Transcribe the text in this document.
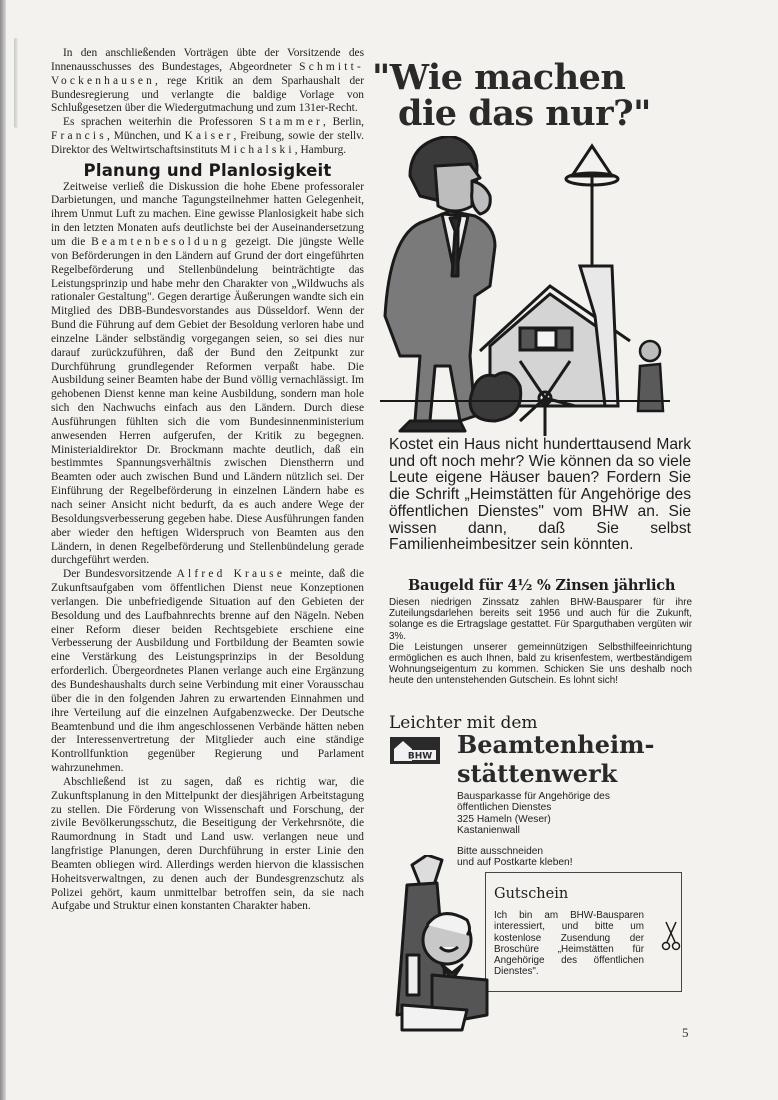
In den anschließenden Vorträgen übte der Vorsitzende des Innenausschusses des Bundestages, Abgeordneter Schmitt-Vockenhausen, rege Kritik an dem Sparhaushalt der Bundesregierung und verlangte die baldige Vorlage von Schlußgesetzen über die Wiedergutmachung und zum 131er-Recht.

Es sprachen weiterhin die Professoren Stammer, Berlin, Francis, München, und Kaiser, Freibung, sowie der stellv. Direktor des Weltwirtschaftsinstituts Michalski, Hamburg.

Planung und Planlosigkeit

Zeitweise verließ die Diskussion die hohe Ebene professoraler Darbietungen, und manche Tagungsteilnehmer hatten Gelegenheit, ihrem Unmut Luft zu machen. Eine gewisse Planlosigkeit habe sich in den letzten Monaten aufs deutlichste bei der Auseinandersetzung um die Beamtenbesoldung gezeigt. Die jüngste Welle von Beförderungen in den Ländern auf Grund der dort eingeführten Regelbeförderung und Stellenbündelung beinträchtigte das Leistungsprinzip und habe mehr den Charakter von „Wildwuchs als rationaler Gestaltung". Gegen derartige Äußerungen wandte sich ein Mitglied des DBB-Bundesvorstandes aus Düsseldorf. Wenn der Bund die Führung auf dem Gebiet der Besoldung verloren habe und einzelne Länder selbständig vorgegangen seien, so sei dies nur darauf zurückzuführen, daß der Bund den Zeitpunkt zur Durchführung grundlegender Reformen verpaßt habe. Die Ausbildung seiner Beamten habe der Bund völlig vernachlässigt. Im gehobenen Dienst kenne man keine Ausbildung, sondern man hole sich den Nachwuchs einfach aus den Ländern. Durch diese Ausführungen fühlten sich die vom Bundesinnenministerium anwesenden Herren aufgerufen, der Kritik zu begegnen. Ministerialdirektor Dr. Brockmann machte deutlich, daß ein bestimmtes Spannungsverhältnis zwischen Dienstherrn und Beamten oder auch zwischen Bund und Ländern nützlich sei. Der Einführung der Regelbeförderung in einzelnen Ländern habe es nach seiner Ansicht nicht bedurft, da es auch andere Wege der Besoldungsverbesserung gegeben habe. Diese Ausführungen fanden aber wieder den heftigen Widerspruch von Beamten aus den Ländern, in denen Regelbeförderung und Stellenbündelung gerade durchgeführt werden.

Der Bundesvorsitzende Alfred Krause meinte, daß die Zukunftsaufgaben vom öffentlichen Dienst neue Konzeptionen verlangen. Die unbefriedigende Situation auf den Gebieten der Besoldung und des Laufbahnrechts brenne auf den Nägeln. Neben einer Reform dieser beiden Rechtsgebiete erschiene eine Verbesserung der Ausbildung und Fortbildung der Beamten sowie eine Verstärkung des Leistungsprinzips in der Besoldung erforderlich. Übergeordnetes Planen verlange auch eine Ergänzung des Bundeshaushalts durch seine Verbindung mit einer Vorausschau über die in den folgenden Jahren zu erwartenden Einnahmen und ihre Verteilung auf die einzelnen Aufgabenzwecke. Der Deutsche Beamtenbund und die ihm angeschlossenen Verbände hätten neben der Interessenvertretung der Mitglieder auch eine ständige Kontrollfunktion gegenüber Regierung und Parlament wahrzunehmen.

Abschließend ist zu sagen, daß es richtig war, die Zukunftsplanung in den Mittelpunkt der diesjährigen Arbeitstagung zu stellen. Die Förderung von Wissenschaft und Forschung, der zivile Bevölkerungsschutz, die Beseitigung der Verkehrsnöte, die Raumordnung in Stadt und Land usw. verlangen neue und langfristige Planungen, deren Durchführung in erster Linie den Beamten obliegen wird. Allerdings werden hiervon die klassischen Hoheitsverwaltngen, zu denen auch der Bundesgrenzschutz als Polizei gehört, kaum unmittelbar betroffen sein, da sie nach Aufgabe und Struktur einen konstanten Charakter haben.

"Wie machen
die das nur?"
Kostet ein Haus nicht hunderttausend Mark und oft noch mehr? Wie können da so viele Leute eigene Häuser bauen? Fordern Sie die Schrift „Heimstätten für Angehörige des öffentlichen Dienstes" vom BHW an. Sie wissen dann, daß Sie selbst Familienheimbesitzer sein könnten.
Baugeld für 4½ % Zinsen jährlich
Diesen niedrigen Zinssatz zahlen BHW-Bausparer für ihre Zuteilungsdarlehen bereits seit 1956 und auch für die Zukunft, solange es die Ertragslage gestattet. Für Sparguthaben vergüten wir 3%.
Die Leistungen unserer gemeinnützigen Selbsthilfeeinrichtung ermöglichen es auch Ihnen, bald zu krisenfestem, wertbeständigem Wohnungseigentum zu kommen. Schicken Sie uns deshalb noch heute den untenstehenden Gutschein. Es lohnt sich!
Leichter mit dem
BHW Beamtenheim-
stättenwerk
Bausparkasse für Angehörige des
öffentlichen Dienstes
325 Hameln (Weser)
Kastanienwall
Bitte ausschneiden
und auf Postkarte kleben!
Gutschein
Ich bin am BHW-Bausparen interessiert, und bitte um kostenlose Zusendung der Broschüre „Heimstätten für Angehörige des öffentlichen Dienstes".
5
